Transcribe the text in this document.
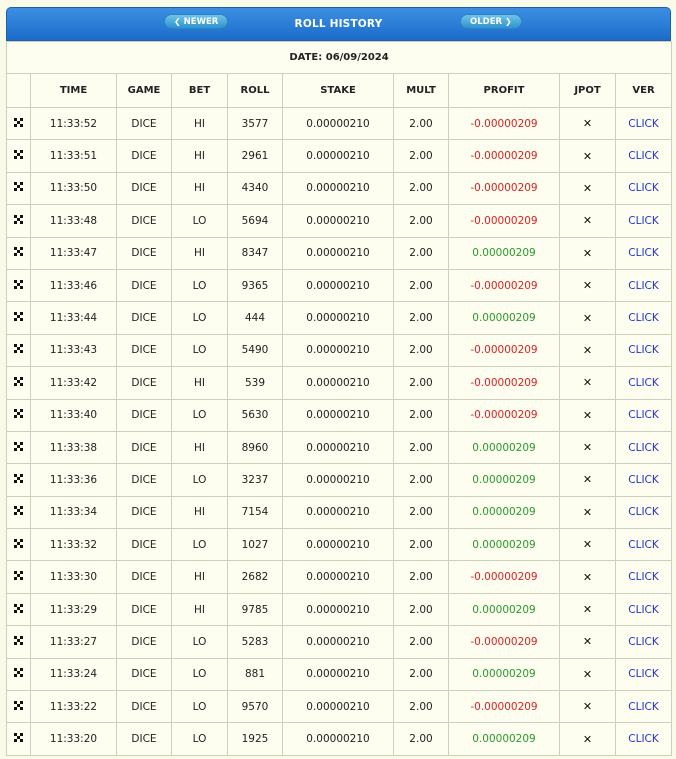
❮ NEWER	ROLL HISTORY	OLDER ❯
DATE: 06/09/2024									
	TIME	GAME	BET	ROLL	STAKE	MULT	PROFIT	JPOT	VER

	11:33:52	DICE	HI	3577	0.00000210	2.00	-0.00000209	✕	CLICK

	11:33:51	DICE	HI	2961	0.00000210	2.00	-0.00000209	✕	CLICK

	11:33:50	DICE	HI	4340	0.00000210	2.00	-0.00000209	✕	CLICK

	11:33:48	DICE	LO	5694	0.00000210	2.00	-0.00000209	✕	CLICK

	11:33:47	DICE	HI	8347	0.00000210	2.00	0.00000209	✕	CLICK

	11:33:46	DICE	LO	9365	0.00000210	2.00	-0.00000209	✕	CLICK

	11:33:44	DICE	LO	444	0.00000210	2.00	0.00000209	✕	CLICK

	11:33:43	DICE	LO	5490	0.00000210	2.00	-0.00000209	✕	CLICK

	11:33:42	DICE	HI	539	0.00000210	2.00	-0.00000209	✕	CLICK

	11:33:40	DICE	LO	5630	0.00000210	2.00	-0.00000209	✕	CLICK

	11:33:38	DICE	HI	8960	0.00000210	2.00	0.00000209	✕	CLICK

	11:33:36	DICE	LO	3237	0.00000210	2.00	0.00000209	✕	CLICK

	11:33:34	DICE	HI	7154	0.00000210	2.00	0.00000209	✕	CLICK

	11:33:32	DICE	LO	1027	0.00000210	2.00	0.00000209	✕	CLICK

	11:33:30	DICE	HI	2682	0.00000210	2.00	-0.00000209	✕	CLICK

	11:33:29	DICE	HI	9785	0.00000210	2.00	0.00000209	✕	CLICK

	11:33:27	DICE	LO	5283	0.00000210	2.00	-0.00000209	✕	CLICK

	11:33:24	DICE	LO	881	0.00000210	2.00	0.00000209	✕	CLICK

	11:33:22	DICE	LO	9570	0.00000210	2.00	-0.00000209	✕	CLICK

	11:33:20	DICE	LO	1925	0.00000210	2.00	0.00000209	✕	CLICK
